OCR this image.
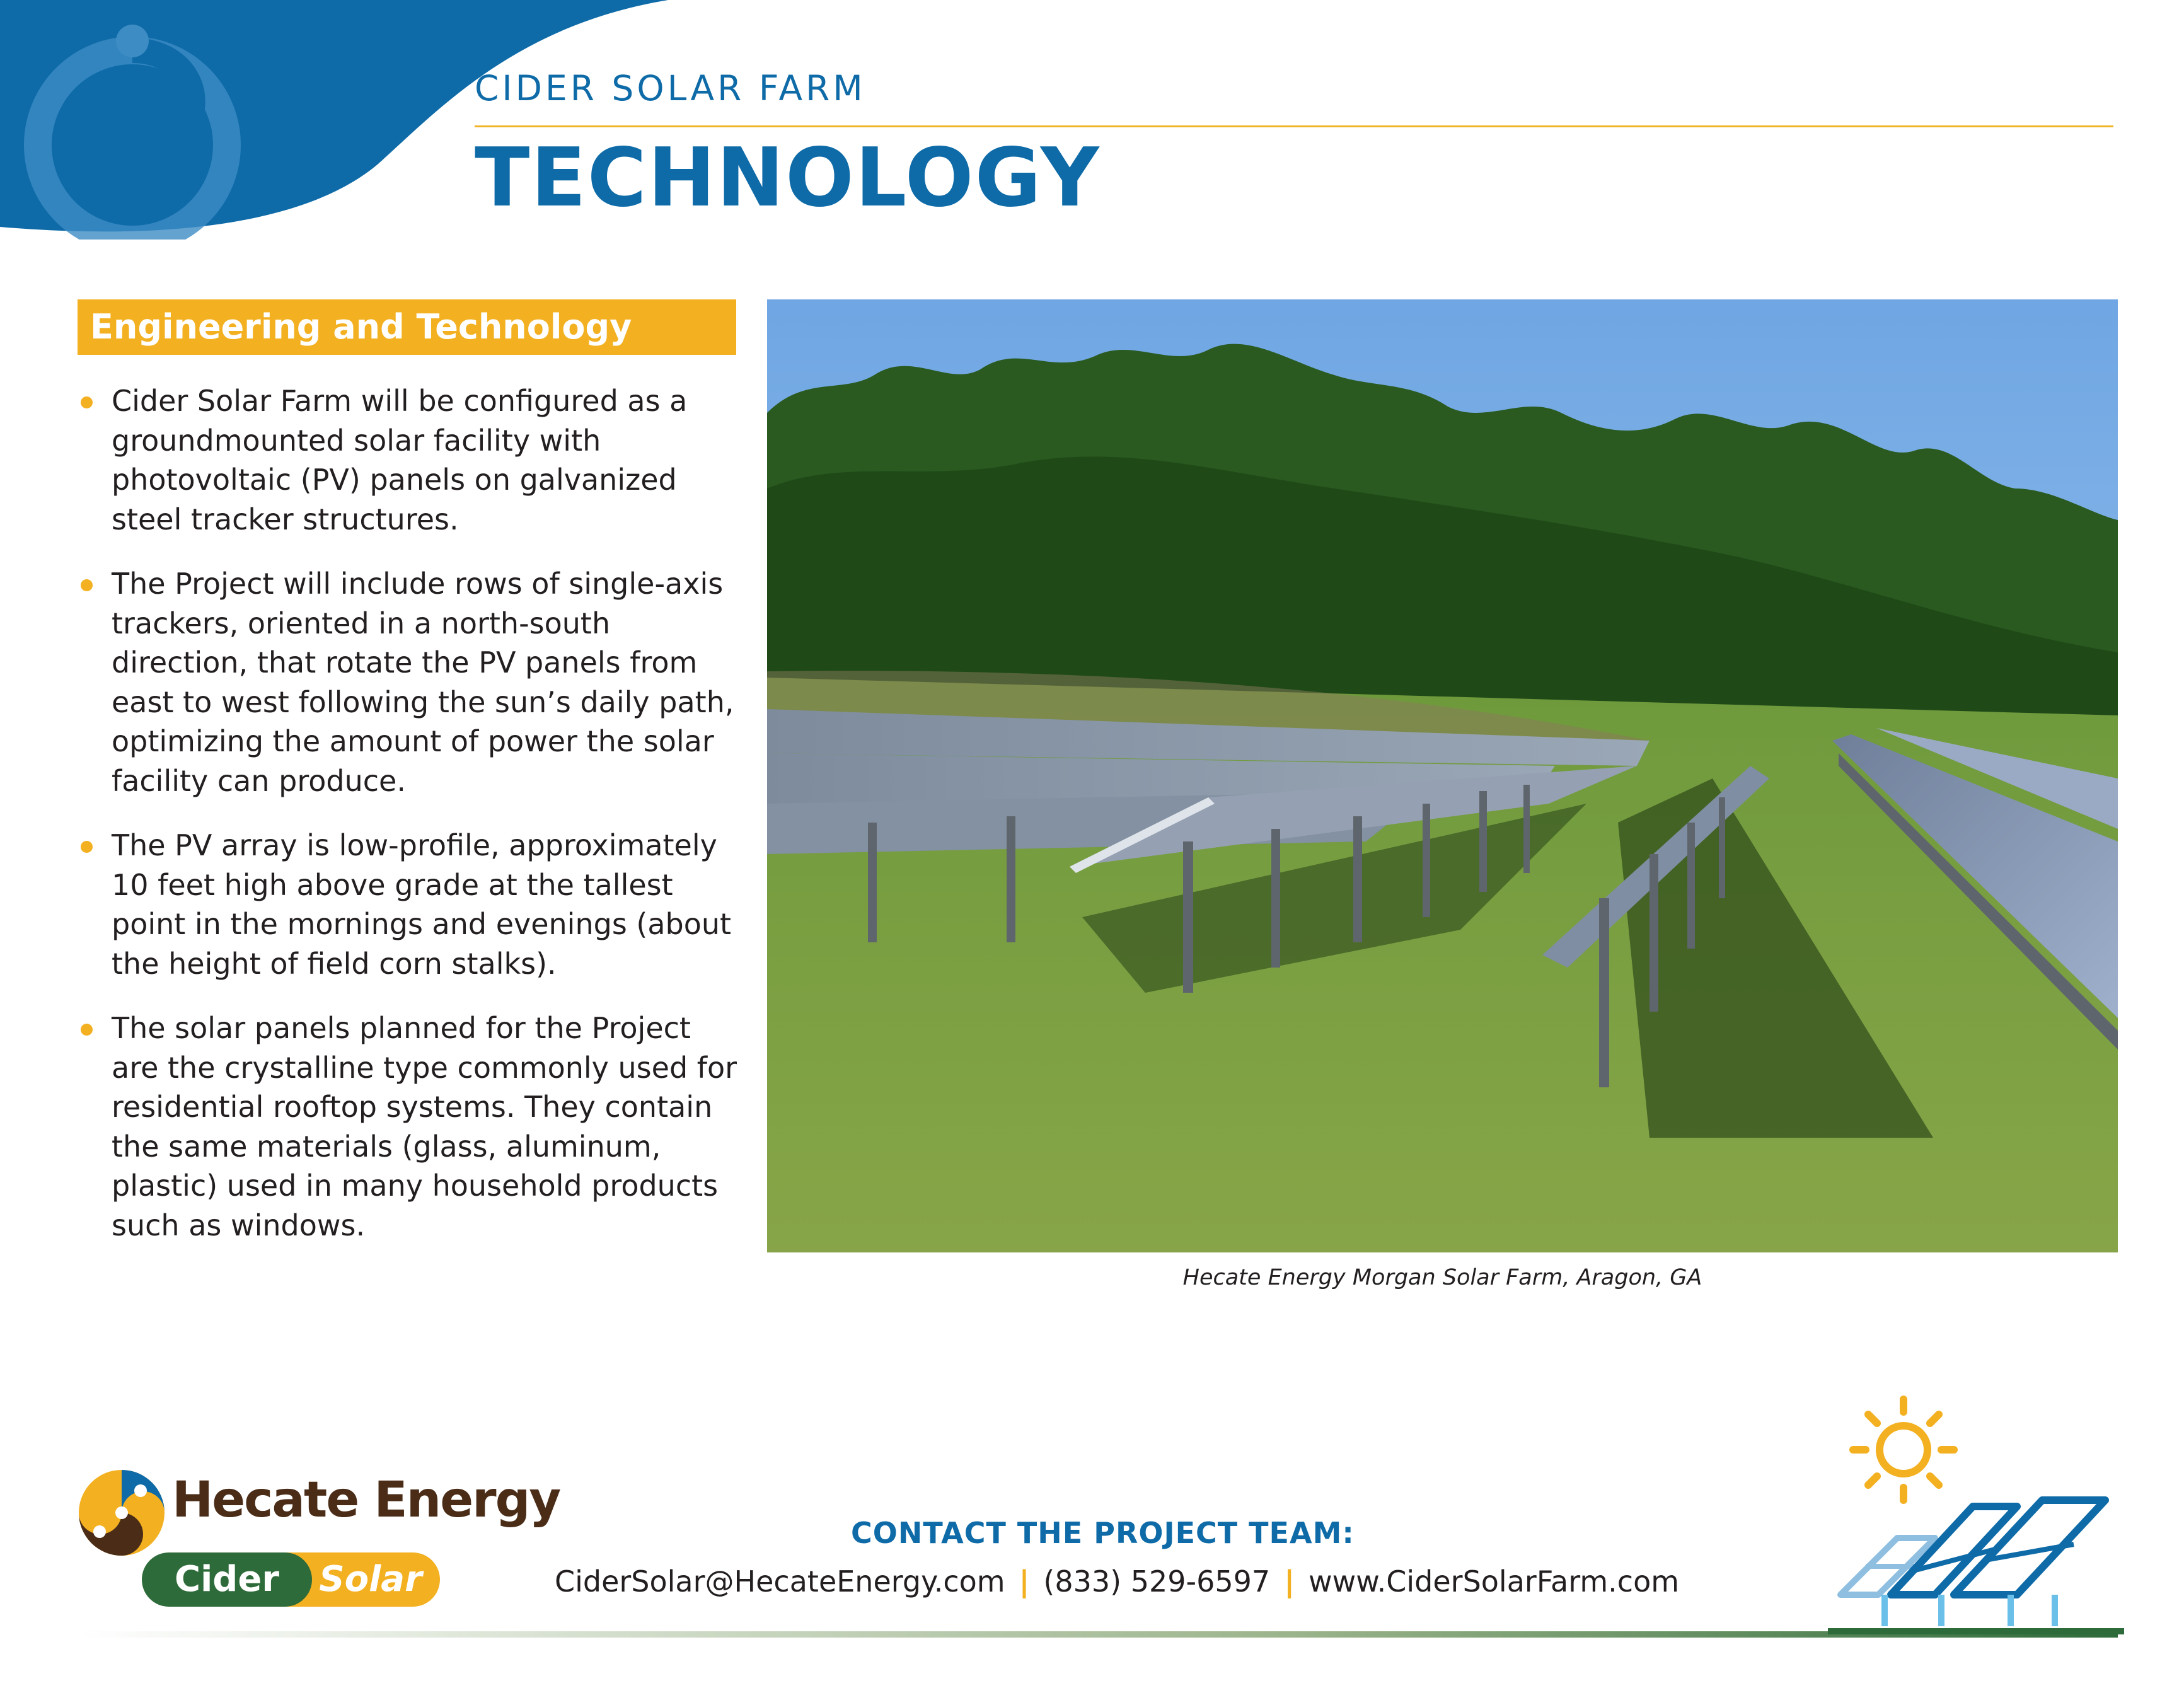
CIDER SOLAR FARM
TECHNOLOGY
Engineering and Technology
Cider Solar Farm will be configured as a groundmounted solar facility with photovoltaic (PV) panels on galvanized steel tracker structures.
The Project will include rows of single-axis trackers, oriented in a north-south direction, that rotate the PV panels from east to west following the sun’s daily path, optimizing the amount of power the solar facility can produce.
The PV array is low-profile, approximately 10 feet high above grade at the tallest point in the mornings and evenings (about the height of field corn stalks).
The solar panels planned for the Project are the crystalline type commonly used for residential rooftop systems. They contain the same materials (glass, aluminum, plastic) used in many household products such as windows.
Hecate Energy Morgan Solar Farm, Aragon, GA
Hecate Energy
Solar
Cider
CONTACT THE PROJECT TEAM:
CiderSolar@HecateEnergy.com | (833) 529-6597 | www.CiderSolarFarm.com
